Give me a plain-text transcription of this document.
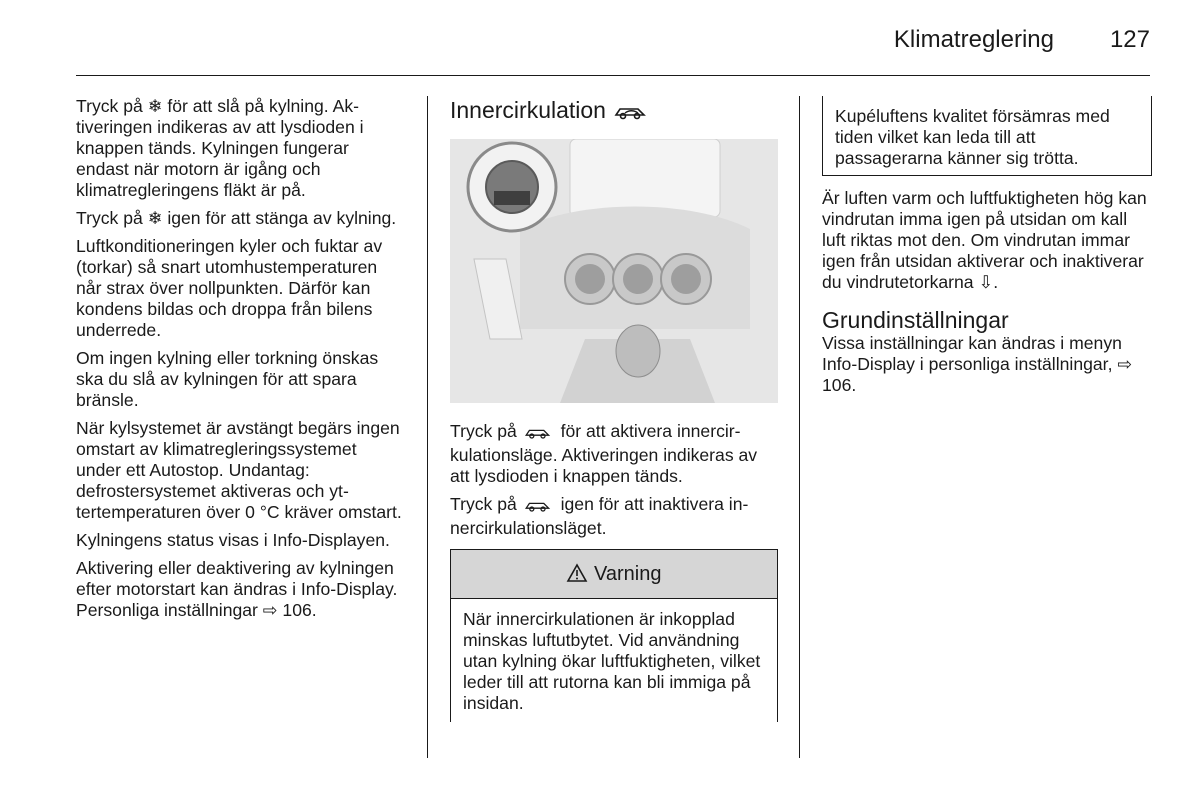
Klimatreglering 127

Tryck på ❄ för att slå på kylning. Aktiveringen indikeras av att lysdioden i knappen tänds. Kylningen fungerar endast när motorn är igång och klimatregleringens fläkt är på.

Tryck på ❄ igen för att stänga av kylning.

Luftkonditioneringen kyler och fuktar av (torkar) så snart utomhustemperaturen når strax över nollpunkten. Därför kan kondens bildas och droppa från bilens underrede.

Om ingen kylning eller torkning önskas ska du slå av kylningen för att spara bränsle.

När kylsystemet är avstängt begärs ingen omstart av klimatregleringssystemet under ett Autostop. Undantag: defrostersystemet aktiveras och yttertemperaturen över 0 °C kräver omstart.

Kylningens status visas i Info-Displayen.

Aktivering eller deaktivering av kylningen efter motorstart kan ändras i Info-Display. Personliga inställningar ⇨ 106.

Innercirkulation

Tryck på för att aktivera innercirkulationsläge. Aktiveringen indikeras av att lysdioden i knappen tänds.

Tryck på igen för att inaktivera innercirkulationsläget.

Varning
När innercirkulationen är inkopplad minskas luftutbytet. Vid användning utan kylning ökar luftfuktigheten, vilket leder till att rutorna kan bli immiga på insidan.
Kupéluftens kvalitet försämras med tiden vilket kan leda till att passagerarna känner sig trötta.

Är luften varm och luftfuktigheten hög kan vindrutan imma igen på utsidan om kall luft riktas mot den. Om vindrutan immar igen från utsidan aktiverar och inaktiverar du vindrutetorkarna ⇩.

Grundinställningar

Vissa inställningar kan ändras i menyn Info-Display i personliga inställningar, ⇨ 106.
